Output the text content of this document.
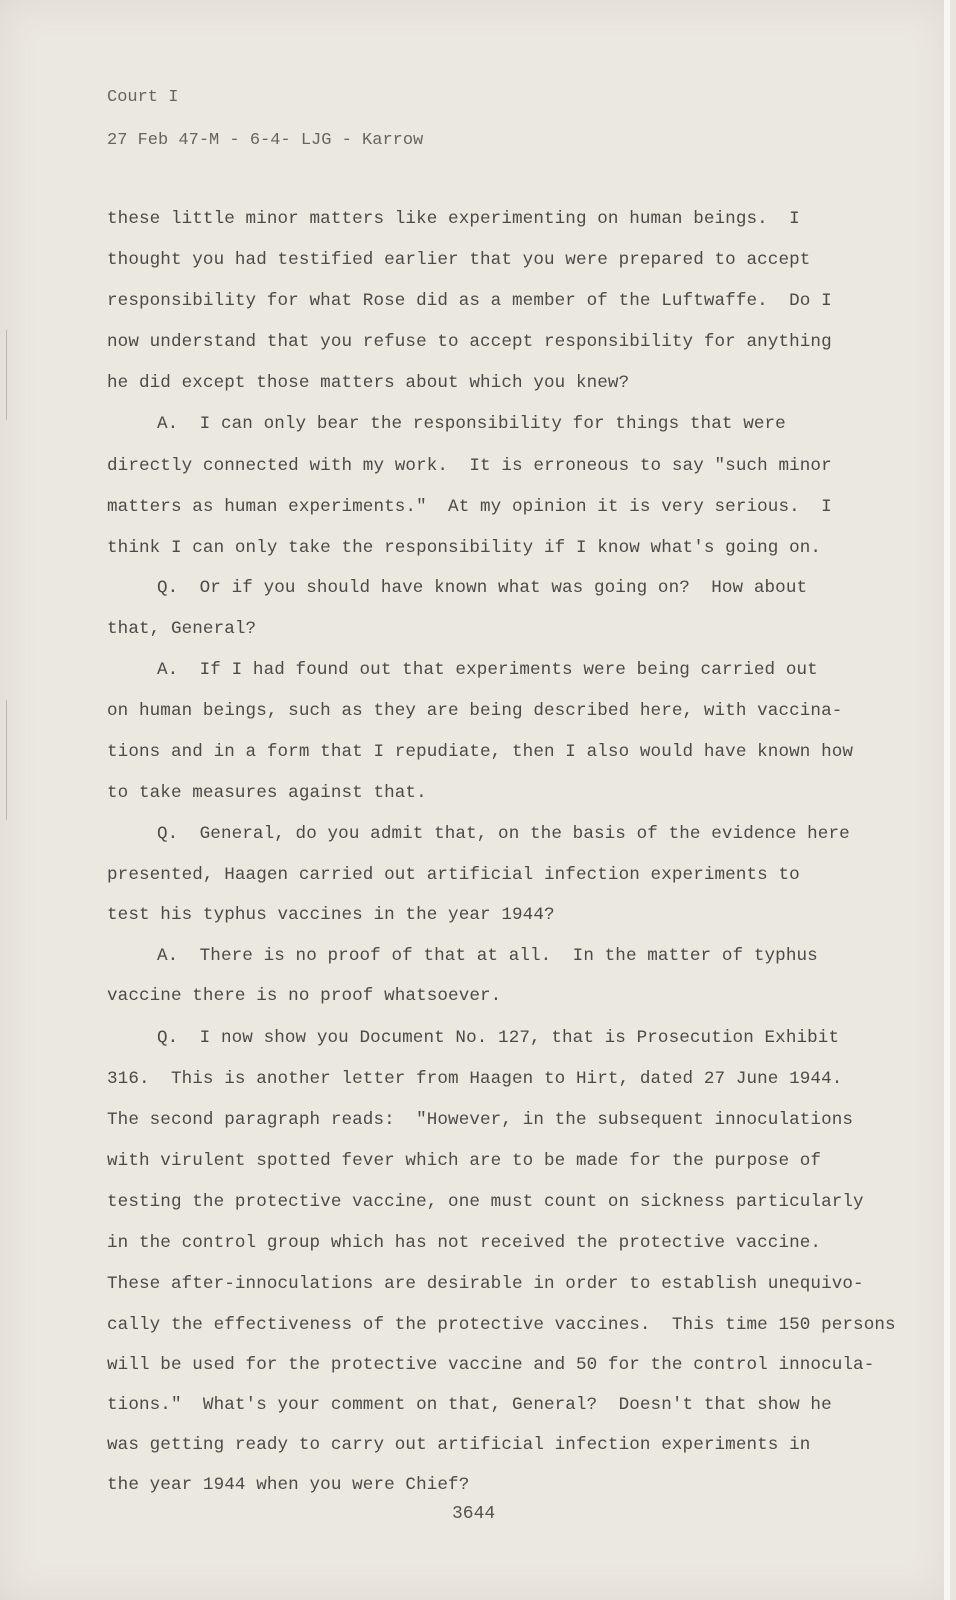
Court I
27 Feb 47-M - 6-4- LJG - Karrow
these little minor matters like experimenting on human beings.  I
thought you had testified earlier that you were prepared to accept
responsibility for what Rose did as a member of the Luftwaffe.  Do I
now understand that you refuse to accept responsibility for anything
he did except those matters about which you knew?
A.  I can only bear the responsibility for things that were
directly connected with my work.  It is erroneous to say "such minor
matters as human experiments."  At my opinion it is very serious.  I
think I can only take the responsibility if I know what's going on.
Q.  Or if you should have known what was going on?  How about
that, General?
A.  If I had found out that experiments were being carried out
on human beings, such as they are being described here, with vaccina-
tions and in a form that I repudiate, then I also would have known how
to take measures against that.
Q.  General, do you admit that, on the basis of the evidence here
presented, Haagen carried out artificial infection experiments to
test his typhus vaccines in the year 1944?
A.  There is no proof of that at all.  In the matter of typhus
vaccine there is no proof whatsoever.
Q.  I now show you Document No. 127, that is Prosecution Exhibit
316.  This is another letter from Haagen to Hirt, dated 27 June 1944.
The second paragraph reads:  "However, in the subsequent innoculations
with virulent spotted fever which are to be made for the purpose of
testing the protective vaccine, one must count on sickness particularly
in the control group which has not received the protective vaccine.
These after-innoculations are desirable in order to establish unequivo-
cally the effectiveness of the protective vaccines.  This time 150 persons
will be used for the protective vaccine and 50 for the control innocula-
tions."  What's your comment on that, General?  Doesn't that show he
was getting ready to carry out artificial infection experiments in
the year 1944 when you were Chief?
3644
